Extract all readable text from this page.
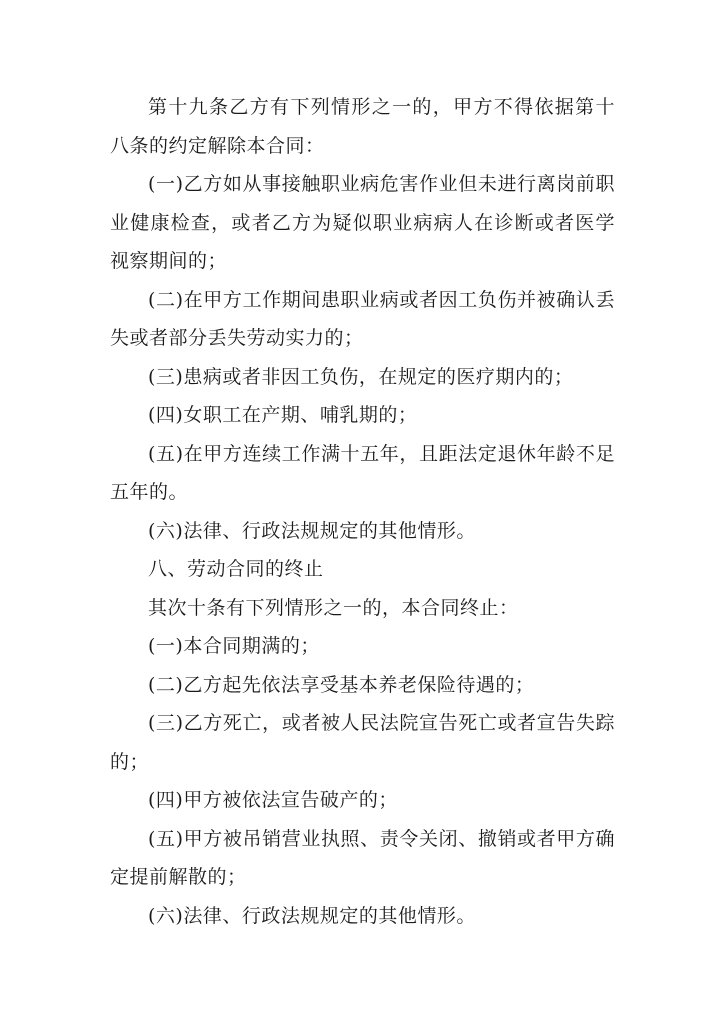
第十九条乙方有下列情形之一的，甲方不得依据第十八条的约定解除本合同：

(一)乙方如从事接触职业病危害作业但未进行离岗前职业健康检查，或者乙方为疑似职业病病人在诊断或者医学视察期间的；

(二)在甲方工作期间患职业病或者因工负伤并被确认丢失或者部分丢失劳动实力的；

(三)患病或者非因工负伤，在规定的医疗期内的；

(四)女职工在产期、哺乳期的；

(五)在甲方连续工作满十五年，且距法定退休年龄不足五年的。

(六)法律、行政法规规定的其他情形。

八、劳动合同的终止

其次十条有下列情形之一的，本合同终止：

(一)本合同期满的；

(二)乙方起先依法享受基本养老保险待遇的；

(三)乙方死亡，或者被人民法院宣告死亡或者宣告失踪的；

(四)甲方被依法宣告破产的；

(五)甲方被吊销营业执照、责令关闭、撤销或者甲方确定提前解散的；

(六)法律、行政法规规定的其他情形。
